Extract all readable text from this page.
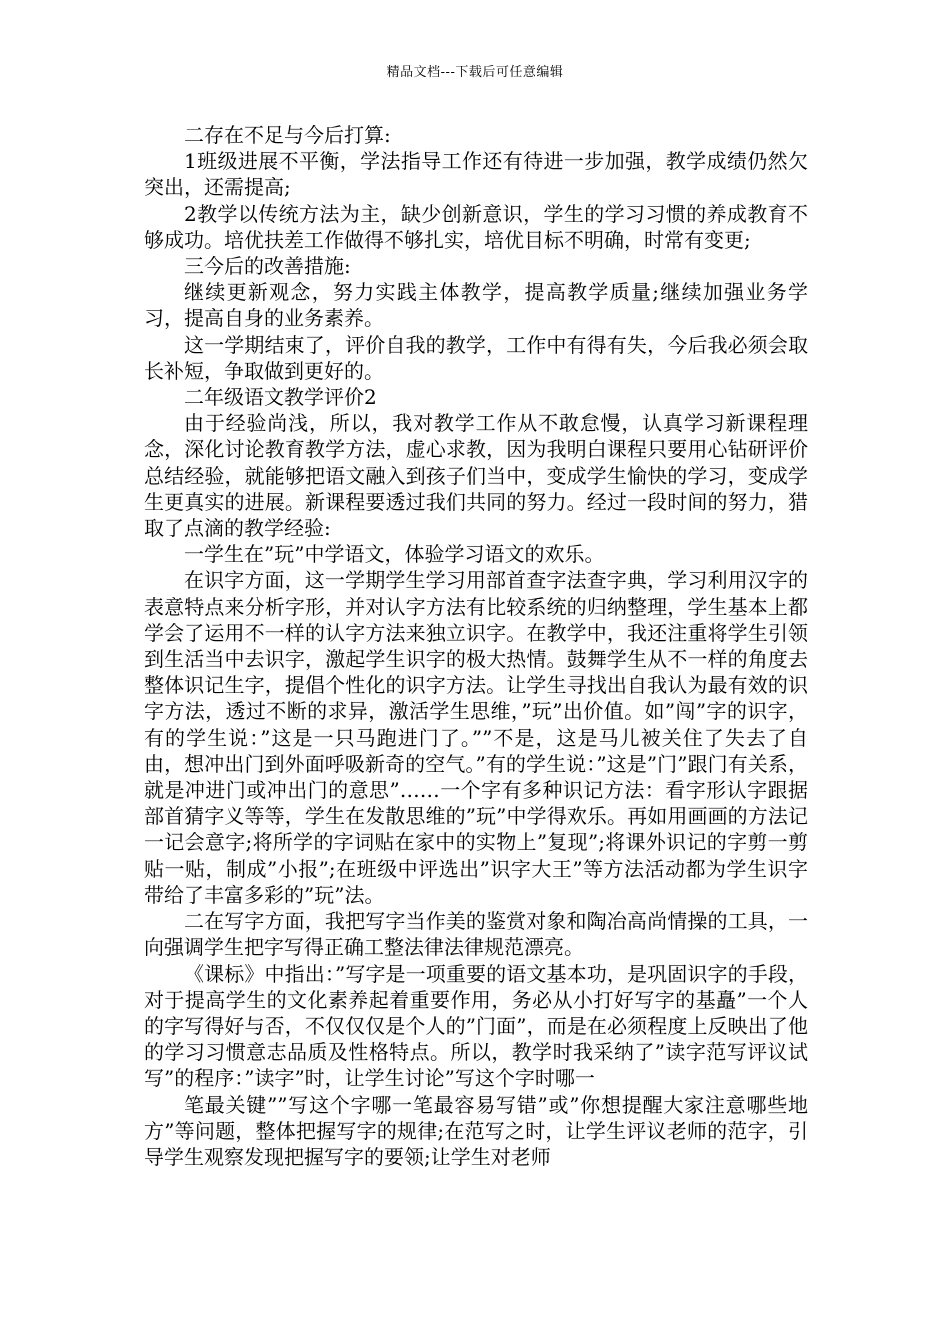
精品文档---下载后可任意编辑

二存在不足与今后打算:

1班级进展不平衡，学法指导工作还有待进一步加强，教学成绩仍然欠突出，还需提高;

2教学以传统方法为主，缺少创新意识，学生的学习习惯的养成教育不够成功。培优扶差工作做得不够扎实，培优目标不明确，时常有变更;

三今后的改善措施:

继续更新观念，努力实践主体教学，提高教学质量;继续加强业务学习，提高自身的业务素养。

这一学期结束了，评价自我的教学，工作中有得有失，今后我必须会取长补短，争取做到更好的。

二年级语文教学评价2

由于经验尚浅，所以，我对教学工作从不敢怠慢，认真学习新课程理念，深化讨论教育教学方法，虚心求教，因为我明白课程只要用心钻研评价总结经验，就能够把语文融入到孩子们当中，变成学生愉快的学习，变成学生更真实的进展。新课程要透过我们共同的努力。经过一段时间的努力，猎取了点滴的教学经验:

一学生在”玩”中学语文，体验学习语文的欢乐。

在识字方面，这一学期学生学习用部首查字法查字典，学习利用汉字的表意特点来分析字形，并对认字方法有比较系统的归纳整理，学生基本上都学会了运用不一样的认字方法来独立识字。在教学中，我还注重将学生引领到生活当中去识字，激起学生识字的极大热情。鼓舞学生从不一样的角度去整体识记生字，提倡个性化的识字方法。让学生寻找出自我认为最有效的识字方法，透过不断的求异，激活学生思维，”玩”出价值。如”闯”字的识字，有的学生说：”这是一只马跑进门了。””不是，这是马儿被关住了失去了自由，想冲出门到外面呼吸新奇的空气。”有的学生说：”这是”门”跟门有关系，就是冲进门或冲出门的意思”……一个字有多种识记方法：看字形认字跟据部首猜字义等等，学生在发散思维的”玩”中学得欢乐。再如用画画的方法记一记会意字;将所学的字词贴在家中的实物上”复现”;将课外识记的字剪一剪贴一贴，制成”小报”;在班级中评选出”识字大王”等方法活动都为学生识字带给了丰富多彩的”玩”法。

二在写字方面，我把写字当作美的鉴赏对象和陶冶高尚情操的工具，一向强调学生把字写得正确工整法律法律规范漂亮。

《课标》中指出：”写字是一项重要的语文基本功，是巩固识字的手段，对于提高学生的文化素养起着重要作用，务必从小打好写字的基矗”一个人的字写得好与否，不仅仅仅是个人的”门面”，而是在必须程度上反映出了他的学习习惯意志品质及性格特点。所以，教学时我采纳了”读字范写评议试写”的程序：”读字”时，让学生讨论”写这个字时哪一

笔最关键””写这个字哪一笔最容易写错”或”你想提醒大家注意哪些地方”等问题，整体把握写字的规律;在范写之时，让学生评议老师的范字，引导学生观察发现把握写字的要领;让学生对老师
